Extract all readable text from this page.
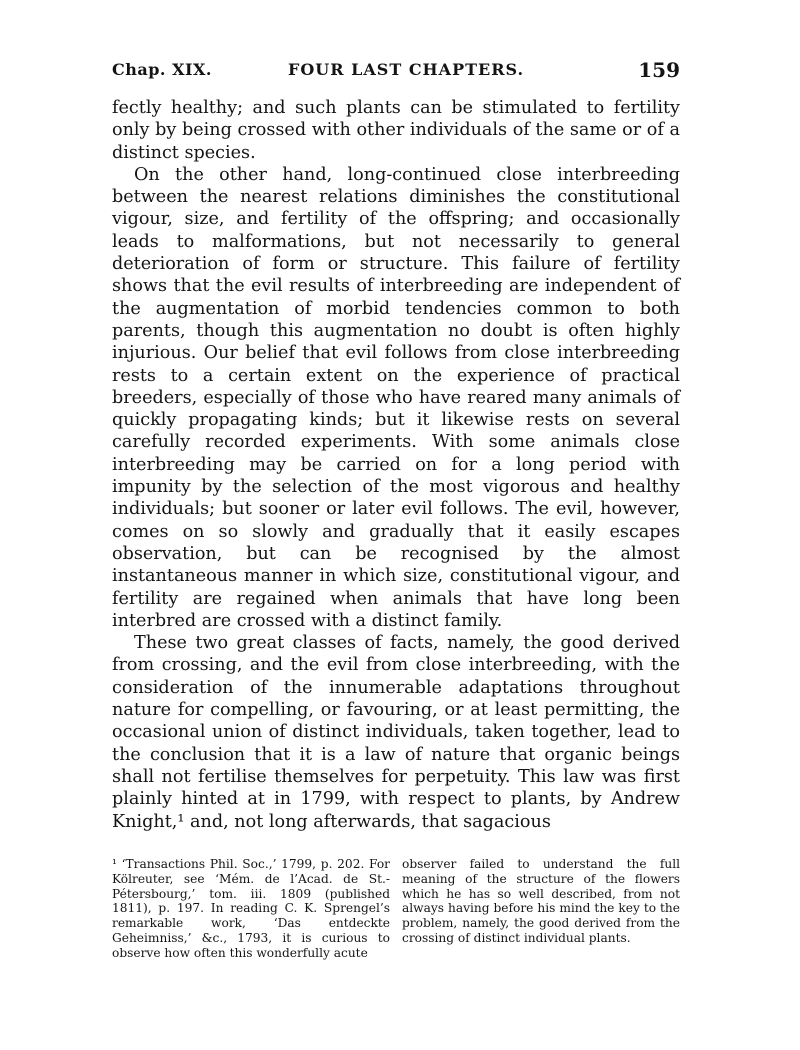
Chap. XIX.	FOUR LAST CHAPTERS.	159

fectly healthy; and such plants can be stimulated to fertility only by being crossed with other individuals of the same or of a distinct species.

On the other hand, long-continued close interbreeding between the nearest relations diminishes the constitutional vigour, size, and fertility of the offspring; and occasionally leads to malformations, but not necessarily to general deterioration of form or structure. This failure of fertility shows that the evil results of interbreeding are independent of the augmentation of morbid tendencies common to both parents, though this augmentation no doubt is often highly injurious. Our belief that evil follows from close interbreeding rests to a certain extent on the experience of practical breeders, especially of those who have reared many animals of quickly propagating kinds; but it likewise rests on several carefully recorded experiments. With some animals close interbreeding may be carried on for a long period with impunity by the selection of the most vigorous and healthy individuals; but sooner or later evil follows. The evil, however, comes on so slowly and gradually that it easily escapes observation, but can be recognised by the almost instantaneous manner in which size, constitutional vigour, and fertility are regained when animals that have long been interbred are crossed with a distinct family.

These two great classes of facts, namely, the good derived from crossing, and the evil from close interbreeding, with the consideration of the innumerable adaptations throughout nature for compelling, or favouring, or at least permitting, the occasional union of distinct individuals, taken together, lead to the conclusion that it is a law of nature that organic beings shall not fertilise themselves for perpetuity. This law was first plainly hinted at in 1799, with respect to plants, by Andrew Knight,¹ and, not long afterwards, that sagacious

¹ ‘Transactions Phil. Soc.,’ 1799, p. 202. For Kölreuter, see ‘Mém. de l’Acad. de St.-Pétersbourg,’ tom. iii. 1809 (published 1811), p. 197. In reading C. K. Sprengel’s remarkable work, ‘Das entdeckte Geheimniss,’ &c., 1793, it is curious to observe how often this wonderfully acute

observer failed to understand the full meaning of the structure of the flowers which he has so well described, from not always having before his mind the key to the problem, namely, the good derived from the crossing of distinct individual plants.
